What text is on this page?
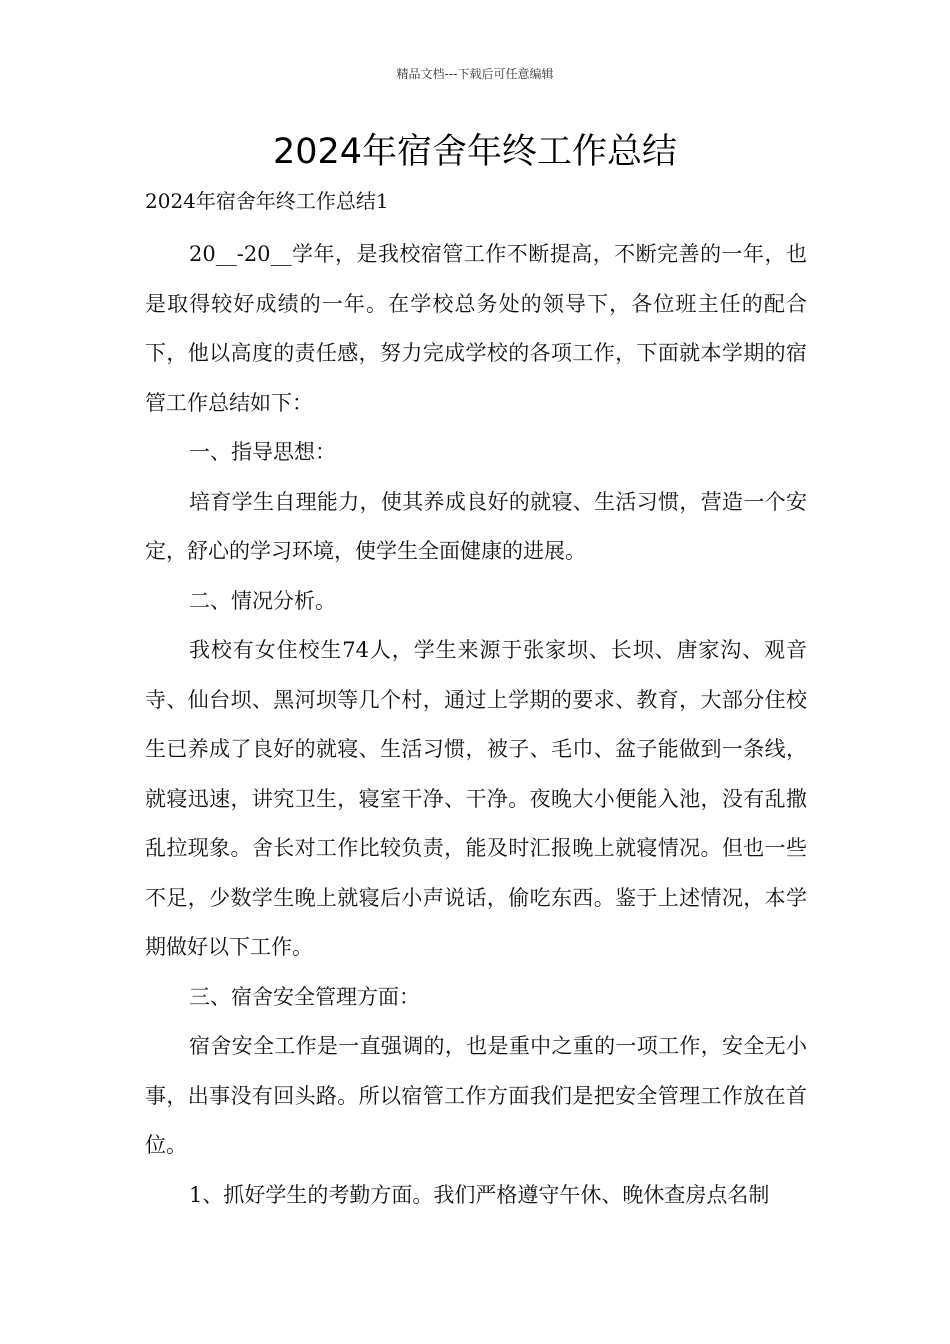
精品文档---下载后可任意编辑
2024年宿舍年终工作总结

2024年宿舍年终工作总结1

20__-20__学年，是我校宿管工作不断提高，不断完善的一年，也是取得较好成绩的一年。在学校总务处的领导下，各位班主任的配合下，他以高度的责任感，努力完成学校的各项工作，下面就本学期的宿管工作总结如下：

一、指导思想：

培育学生自理能力，使其养成良好的就寝、生活习惯，营造一个安定，舒心的学习环境，使学生全面健康的进展。

二、情况分析。

我校有女住校生74人，学生来源于张家坝、长坝、唐家沟、观音寺、仙台坝、黑河坝等几个村，通过上学期的要求、教育，大部分住校生已养成了良好的就寝、生活习惯，被子、毛巾、盆子能做到一条线，就寝迅速，讲究卫生，寝室干净、干净。夜晚大小便能入池，没有乱撒乱拉现象。舍长对工作比较负责，能及时汇报晚上就寝情况。但也一些不足，少数学生晚上就寝后小声说话，偷吃东西。鉴于上述情况，本学期做好以下工作。

三、宿舍安全管理方面：

宿舍安全工作是一直强调的，也是重中之重的一项工作，安全无小事，出事没有回头路。所以宿管工作方面我们是把安全管理工作放在首位。

1、抓好学生的考勤方面。我们严格遵守午休、晚休查房点名制
